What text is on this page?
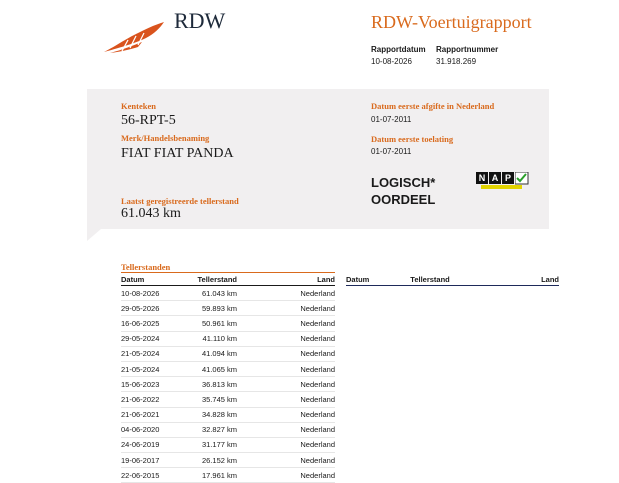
RDW	RDW-Voertuigrapport
Rapportdatum
10-08-2026
Rapportnummer
31.918.269
Kenteken
56-RPT-5
Merk/Handelsbenaming
FIAT FIAT PANDA
Laatst geregistreerde tellerstand
61.043 km
Datum eerste afgifte in Nederland
01-07-2011
Datum eerste toelating
01-07-2011
LOGISCH*
OORDEEL
N A P
Tellerstanden
Datum	Tellerstand	Land
10-08-2026	61.043 km	Nederland
29-05-2026	59.893 km	Nederland
16-06-2025	50.961 km	Nederland
29-05-2024	41.110 km	Nederland
21-05-2024	41.094 km	Nederland
21-05-2024	41.065 km	Nederland
15-06-2023	36.813 km	Nederland
21-06-2022	35.745 km	Nederland
21-06-2021	34.828 km	Nederland
04-06-2020	32.827 km	Nederland
24-06-2019	31.177 km	Nederland
19-06-2017	26.152 km	Nederland
22-06-2015	17.961 km	Nederland
Datum	Tellerstand	Land
